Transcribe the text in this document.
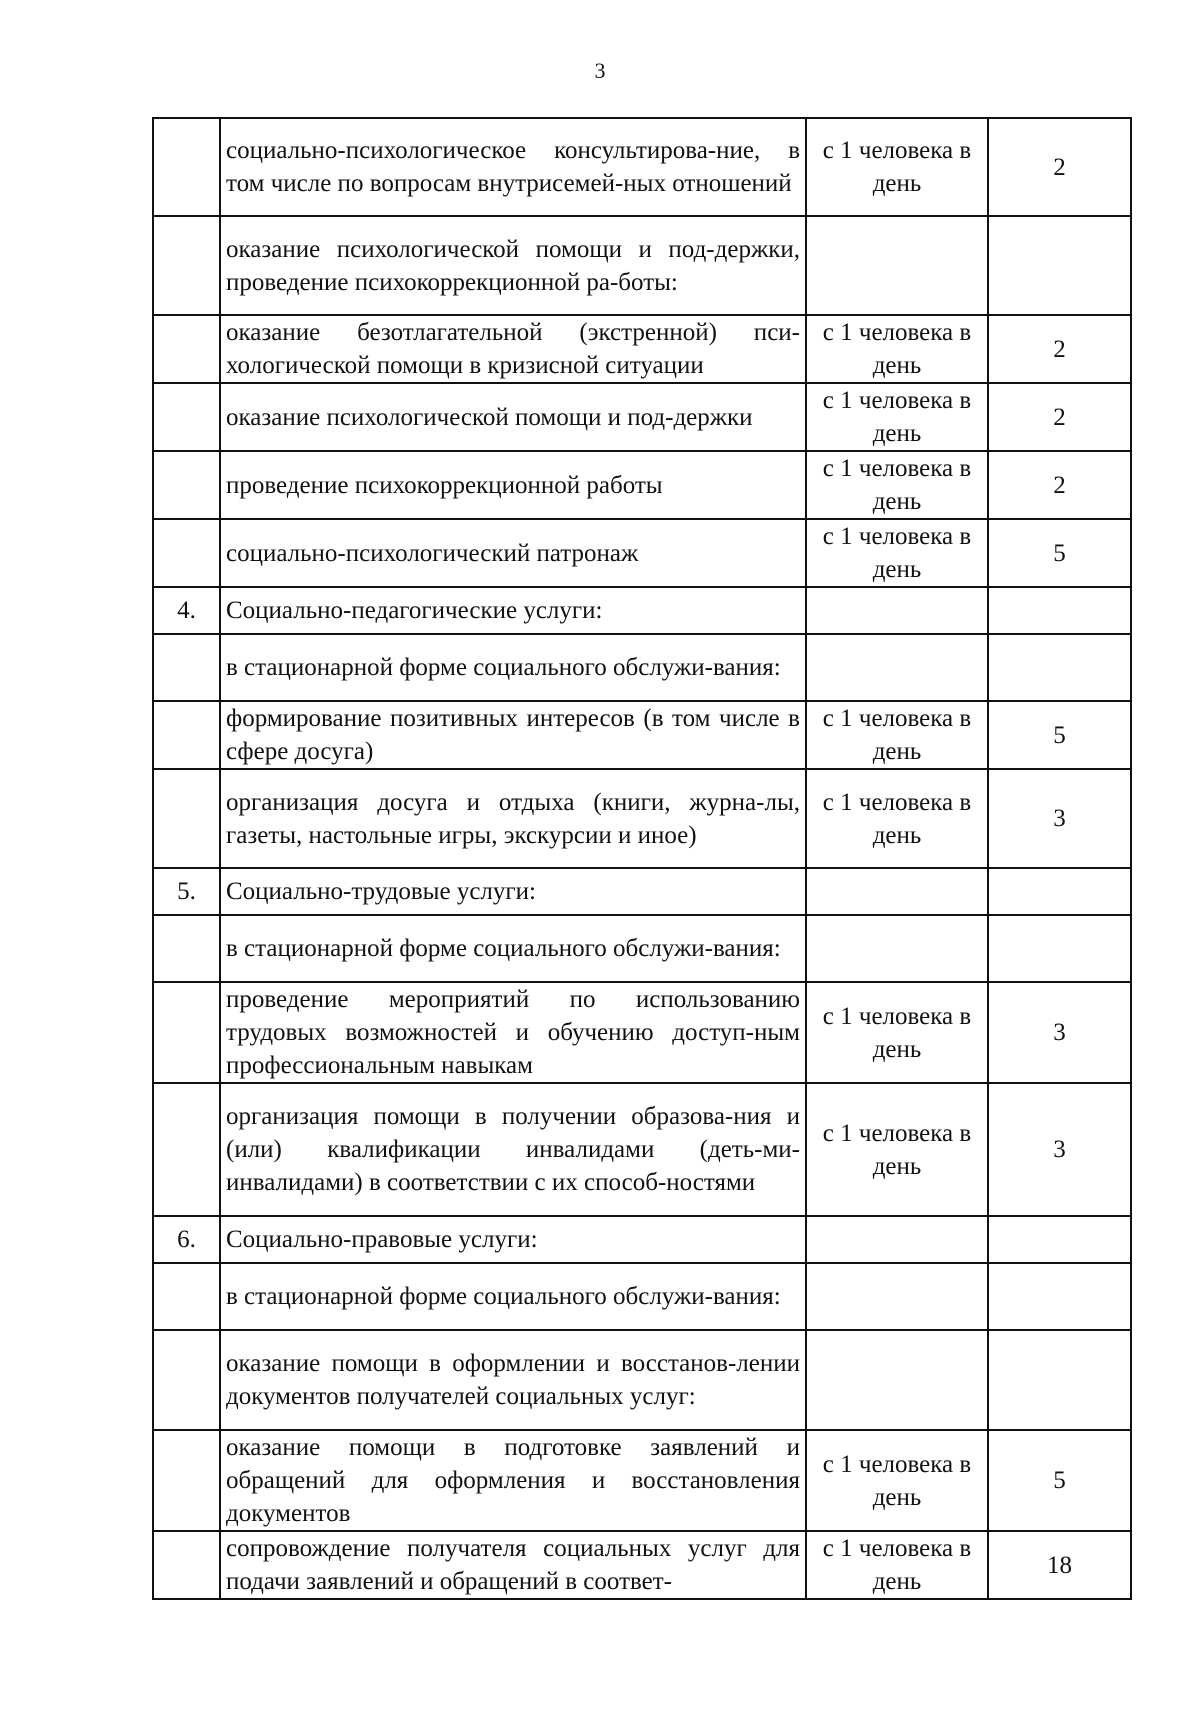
3
	социально-психологическое консультирова-ние, в том числе по вопросам внутрисемей-ных отношений	с 1 человека в день	2
	оказание психологической помощи и под-держки, проведение психокоррекционной ра-боты:		
	оказание безотлагательной (экстренной) пси-хологической помощи в кризисной ситуации	с 1 человека в день	2
	оказание психологической помощи и под-держки	с 1 человека в день	2
	проведение психокоррекционной работы	с 1 человека в день	2
	социально-психологический патронаж	с 1 человека в день	5
4.	Социально-педагогические услуги:		
	в стационарной форме социального обслужи-вания:		
	формирование позитивных интересов (в том числе в сфере досуга)	с 1 человека в день	5
	организация досуга и отдыха (книги, журна-лы, газеты, настольные игры, экскурсии и иное)	с 1 человека в день	3
5.	Социально-трудовые услуги:		
	в стационарной форме социального обслужи-вания:		
	проведение мероприятий по использованию трудовых возможностей и обучению доступ-ным профессиональным навыкам	с 1 человека в день	3
	организация помощи в получении образова-ния и (или) квалификации инвалидами (деть-ми-инвалидами) в соответствии с их способ-ностями	с 1 человека в день	3
6.	Социально-правовые услуги:		
	в стационарной форме социального обслужи-вания:		
	оказание помощи в оформлении и восстанов-лении документов получателей социальных услуг:		
	оказание помощи в подготовке заявлений и обращений для оформления и восстановления документов	с 1 человека в день	5
	сопровождение получателя социальных услуг для подачи заявлений и обращений в соответ-	с 1 человека в день	18
